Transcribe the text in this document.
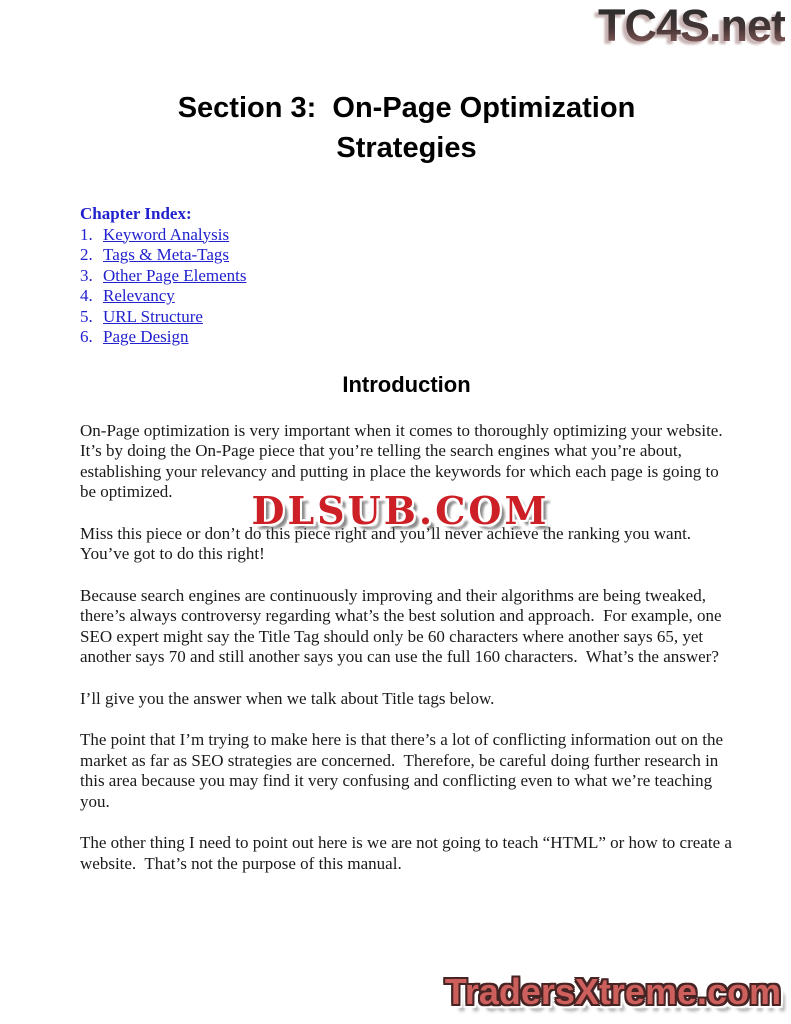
TC4S.net
Section 3:  On-Page Optimization
Strategies
Chapter Index:
1. Keyword Analysis
2. Tags & Meta-Tags
3. Other Page Elements
4. Relevancy
5. URL Structure
6. Page Design
Introduction

On-Page optimization is very important when it comes to thoroughly optimizing your website.  It’s by doing the On-Page piece that you’re telling the search engines what you’re about, establishing your relevancy and putting in place the keywords for which each page is going to be optimized.

Miss this piece or don’t do this piece right and you’ll never achieve the ranking you want.  You’ve got to do this right!

Because search engines are continuously improving and their algorithms are being tweaked, there’s always controversy regarding what’s the best solution and approach.  For example, one SEO expert might say the Title Tag should only be 60 characters where another says 65, yet another says 70 and still another says you can use the full 160 characters.  What’s the answer?

I’ll give you the answer when we talk about Title tags below.

The point that I’m trying to make here is that there’s a lot of conflicting information out on the market as far as SEO strategies are concerned.  Therefore, be careful doing further research in this area because you may find it very confusing and conflicting even to what we’re teaching you.

The other thing I need to point out here is we are not going to teach “HTML” or how to create a website.  That’s not the purpose of this manual.

DLSUB.COM
TradersXtreme.com
